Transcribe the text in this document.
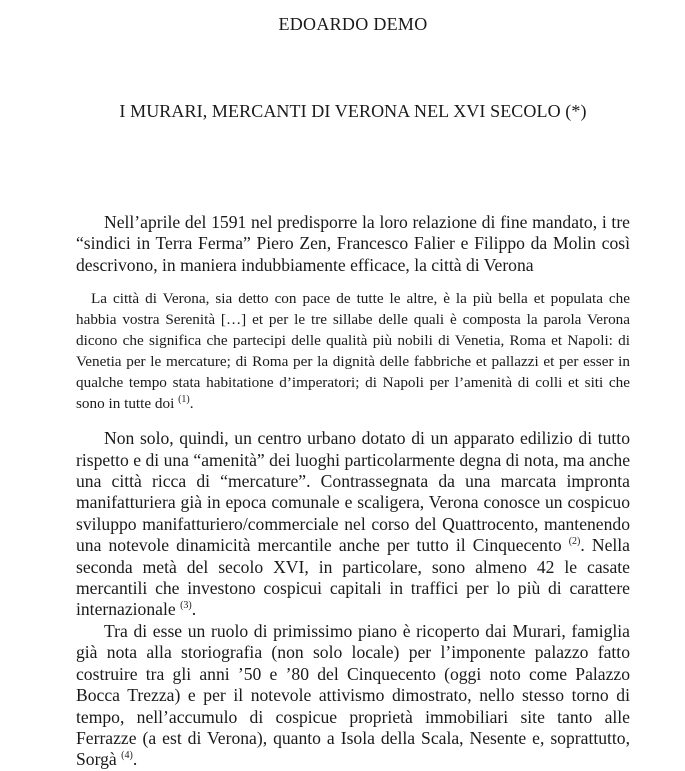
EDOARDO DEMO
I MURARI, MERCANTI DI VERONA NEL XVI SECOLO (*)

Nell’aprile del 1591 nel predisporre la loro relazione di fine mandato, i tre “sindici in Terra Ferma” Piero Zen, Francesco Falier e Filippo da Molin così descrivono, in maniera indubbiamente efficace, la città di Verona

La città di Verona, sia detto con pace de tutte le altre, è la più bella et populata che habbia vostra Serenità […] et per le tre sillabe delle quali è composta la parola Verona dicono che significa che partecipi delle qualità più nobili di Venetia, Roma et Napoli: di Venetia per le mercature; di Roma per la dignità delle fabbriche et pallazzi et per esser in qualche tempo stata habitatione d’imperatori; di Napoli per l’amenità di colli et siti che sono in tutte doi $^{(1)}$.

Non solo, quindi, un centro urbano dotato di un apparato edilizio di tutto rispetto e di una “amenità” dei luoghi particolarmente degna di nota, ma anche una città ricca di “mercature”. Contrassegnata da una marcata impronta manifatturiera già in epoca comunale e scaligera, Verona conosce un cospicuo sviluppo manifatturiero/commerciale nel corso del Quattrocento, mantenendo una notevole dinamicità mercantile anche per tutto il Cinquecento $^{(2)}$. Nella seconda metà del secolo XVI, in particolare, sono almeno 42 le casate mercantili che investono cospicui capitali in traffici per lo più di carattere internazionale $^{(3)}$.

Tra di esse un ruolo di primissimo piano è ricoperto dai Murari, famiglia già nota alla storiografia (non solo locale) per l’imponente palazzo fatto costruire tra gli anni ’50 e ’80 del Cinquecento (oggi noto come Palazzo Bocca Trezza) e per il notevole attivismo dimostrato, nello stesso torno di tempo, nell’accumulo di cospicue proprietà immobiliari site tanto alle Ferrazze (a est di Verona), quanto a Isola della Scala, Nesente e, soprattutto, Sorgà $^{(4)}$.
